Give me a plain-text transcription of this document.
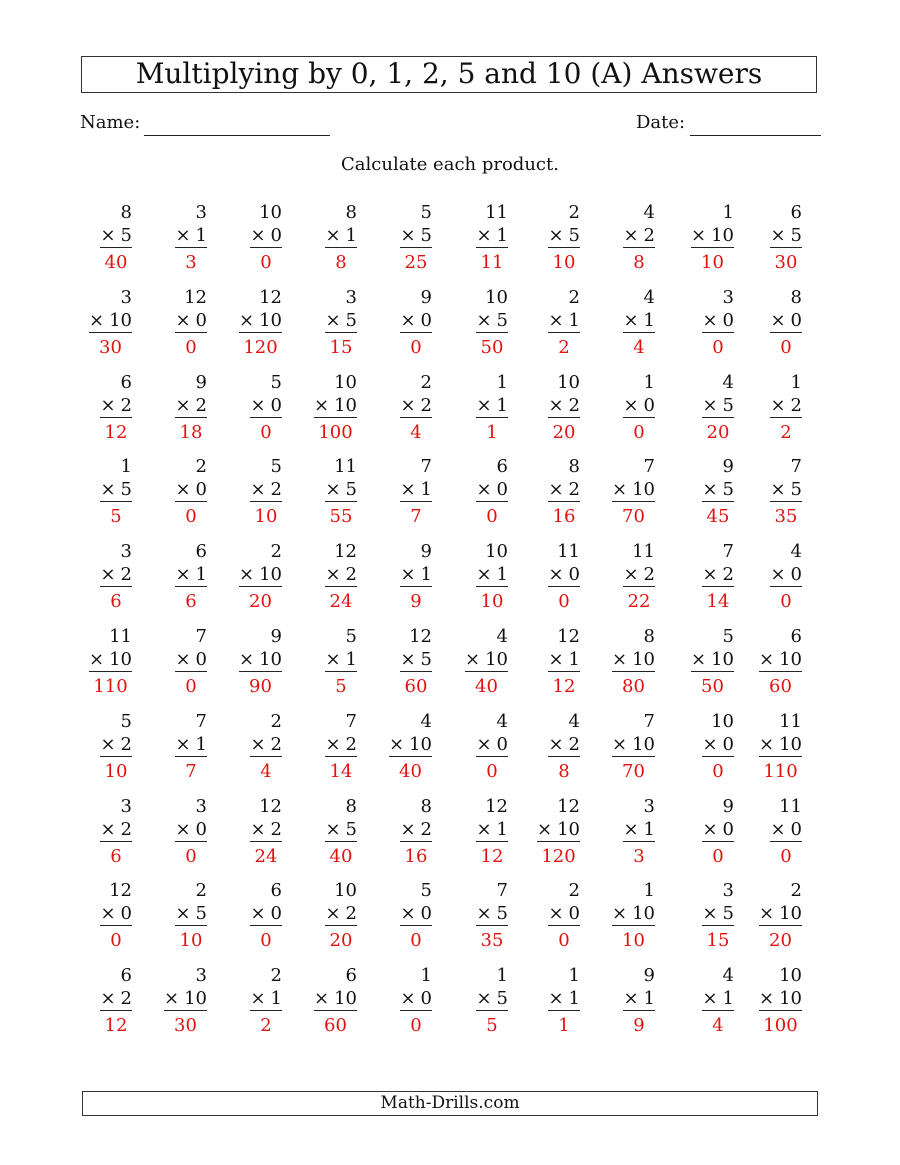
Multiplying by 0, 1, 2, 5 and 10 (A) Answers
Name:	Date:
Calculate each product.
8
× 5
40
3
× 1
3
10
× 0
0
8
× 1
8
5
× 5
25
11
× 1
11
2
× 5
10
4
× 2
8
1
× 10
10
6
× 5
30
3
× 10
30
12
× 0
0
12
× 10
120
3
× 5
15
9
× 0
0
10
× 5
50
2
× 1
2
4
× 1
4
3
× 0
0
8
× 0
0
6
× 2
12
9
× 2
18
5
× 0
0
10
× 10
100
2
× 2
4
1
× 1
1
10
× 2
20
1
× 0
0
4
× 5
20
1
× 2
2
1
× 5
5
2
× 0
0
5
× 2
10
11
× 5
55
7
× 1
7
6
× 0
0
8
× 2
16
7
× 10
70
9
× 5
45
7
× 5
35
3
× 2
6
6
× 1
6
2
× 10
20
12
× 2
24
9
× 1
9
10
× 1
10
11
× 0
0
11
× 2
22
7
× 2
14
4
× 0
0
11
× 10
110
7
× 0
0
9
× 10
90
5
× 1
5
12
× 5
60
4
× 10
40
12
× 1
12
8
× 10
80
5
× 10
50
6
× 10
60
5
× 2
10
7
× 1
7
2
× 2
4
7
× 2
14
4
× 10
40
4
× 0
0
4
× 2
8
7
× 10
70
10
× 0
0
11
× 10
110
3
× 2
6
3
× 0
0
12
× 2
24
8
× 5
40
8
× 2
16
12
× 1
12
12
× 10
120
3
× 1
3
9
× 0
0
11
× 0
0
12
× 0
0
2
× 5
10
6
× 0
0
10
× 2
20
5
× 0
0
7
× 5
35
2
× 0
0
1
× 10
10
3
× 5
15
2
× 10
20
6
× 2
12
3
× 10
30
2
× 1
2
6
× 10
60
1
× 0
0
1
× 5
5
1
× 1
1
9
× 1
9
4
× 1
4
10
× 10
100
Math-Drills.com
